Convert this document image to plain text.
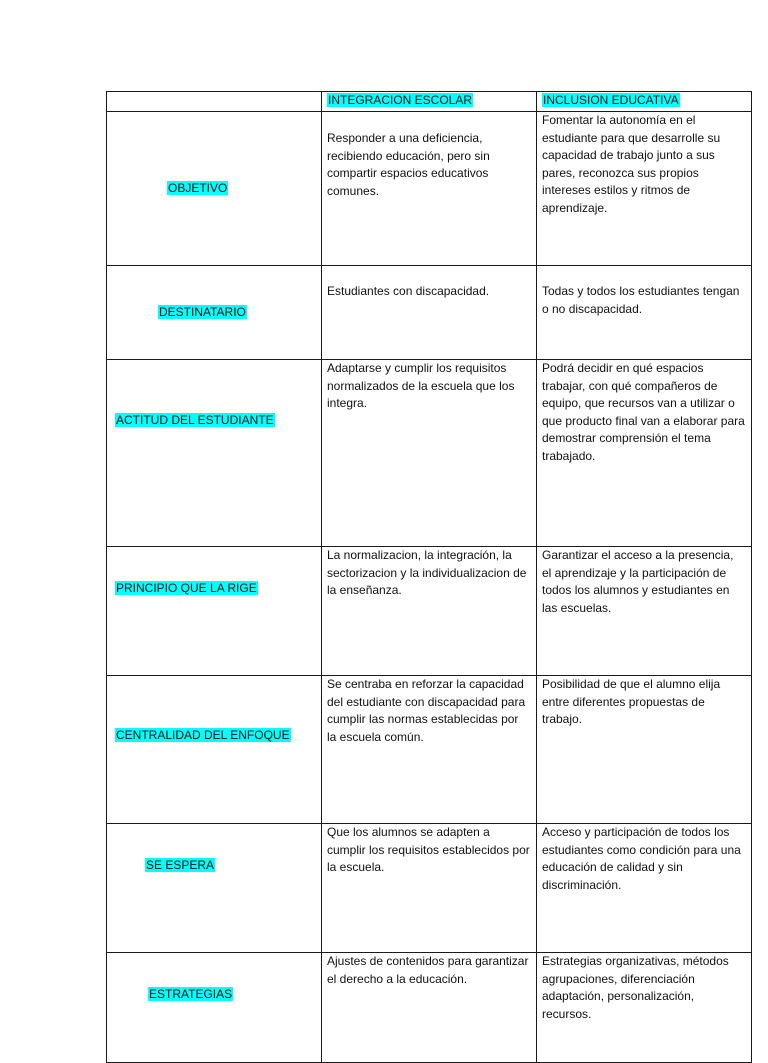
	INTEGRACION ESCOLAR	INCLUSION EDUCATIVA
OBJETIVO	Responder a una deficiencia, recibiendo educación, pero sin compartir espacios educativos comunes.	Fomentar la autonomía en el estudiante para que desarrolle su capacidad de trabajo junto a sus pares, reconozca sus propios intereses estilos y ritmos de aprendizaje.
DESTINATARIO	Estudiantes con discapacidad.	Todas y todos los estudiantes tengan o no discapacidad.
ACTITUD DEL ESTUDIANTE	Adaptarse y cumplir los requisitos normalizados de la escuela que los integra.	Podrá decidir en qué espacios trabajar, con qué compañeros de equipo, que recursos van a utilizar o que producto final van a elaborar para demostrar comprensión el tema trabajado.
PRINCIPIO QUE LA RIGE	La normalizacion, la integración, la sectorizacion y la individualizacion de la enseñanza.	Garantizar el acceso a la presencia, el aprendizaje y la participación de todos los alumnos y estudiantes en las escuelas.
CENTRALIDAD DEL ENFOQUE	Se centraba en reforzar la capacidad del estudiante con discapacidad para cumplir las normas establecidas por la escuela común.	Posibilidad de que el alumno elija entre diferentes propuestas de trabajo.
SE ESPERA	Que los alumnos se adapten a cumplir los requisitos establecidos por la escuela.	Acceso y participación de todos los estudiantes como condición para una educación de calidad y sin discriminación.
ESTRATEGIAS	Ajustes de contenidos para garantizar el derecho a la educación.	Estrategias organizativas, métodos agrupaciones, diferenciación adaptación, personalización, recursos.
